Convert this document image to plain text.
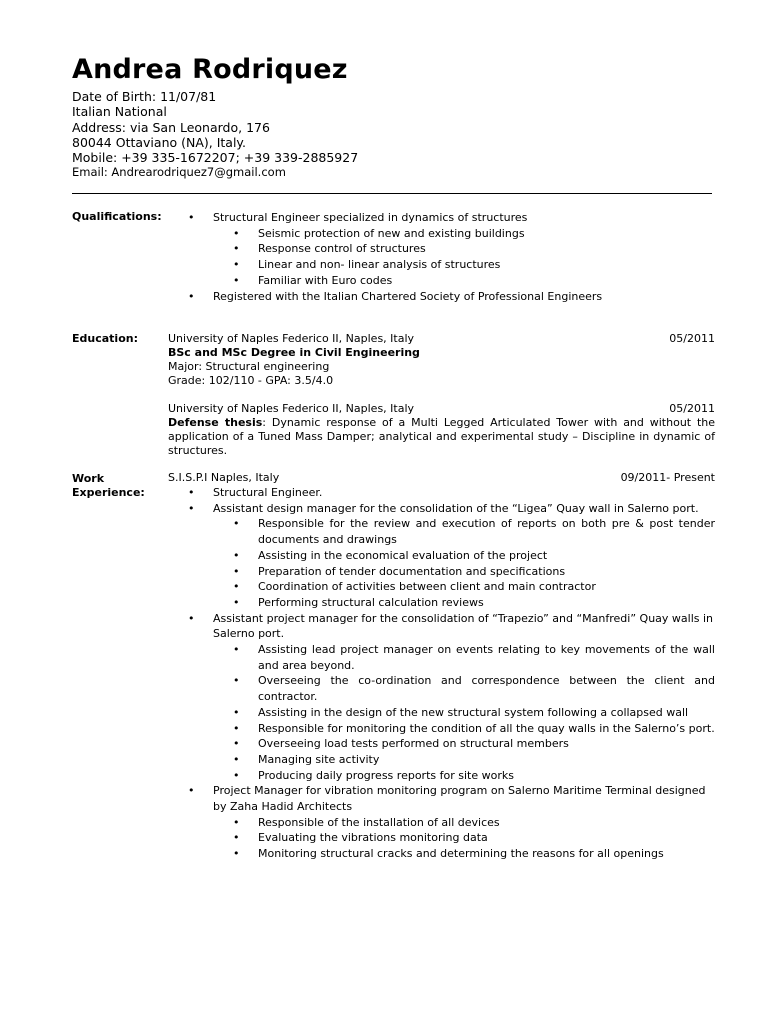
Andrea Rodriquez
Date of Birth: 11/07/81
Italian National
Address: via San Leonardo, 176
80044 Ottaviano (NA), Italy.
Mobile: +39 335-1672207; +39 339-2885927
Email: Andrearodriquez7@gmail.com
Qualifications:
•	Structural Engineer specialized in dynamics of structures
• Seismic protection of new and existing buildings
• Response control of structures
• Linear and non- linear analysis of structures
• Familiar with Euro codes
• Registered with the Italian Chartered Society of Professional Engineers
Education:	University of Naples Federico II, Naples, Italy	05/2011

BSc and MSc Degree in Civil Engineering

Major: Structural engineering

Grade: 102/110 - GPA: 3.5/4.0

University of Naples Federico II, Naples, Italy	05/2011

Defense thesis: Dynamic response of a Multi Legged Articulated Tower with and without the application of a Tuned Mass Damper; analytical and experimental study – Discipline in dynamic of structures.

Work Experience:
S.I.S.P.I Naples, Italy	09/2011- Present
• Structural Engineer.
• Assistant design manager for the consolidation of the “Ligea” Quay wall in Salerno port.
• Responsible for the review and execution of reports on both pre & post tender documents and drawings
• Assisting in the economical evaluation of the project
• Preparation of tender documentation and specifications
• Coordination of activities between client and main contractor
• Performing structural calculation reviews
• Assistant project manager for the consolidation of “Trapezio” and “Manfredi” Quay walls in Salerno port.
• Assisting lead project manager on events relating to key movements of the wall and area beyond.
• Overseeing the co-ordination and correspondence between the client and contractor.
• Assisting in the design of the new structural system following a collapsed wall
• Responsible for monitoring the condition of all the quay walls in the Salerno’s port.
• Overseeing load tests performed on structural members
• Managing site activity
• Producing daily progress reports for site works
• Project Manager for vibration monitoring program on Salerno Maritime Terminal designed by Zaha Hadid Architects
• Responsible of the installation of all devices
• Evaluating the vibrations monitoring data
• Monitoring structural cracks and determining the reasons for all openings
